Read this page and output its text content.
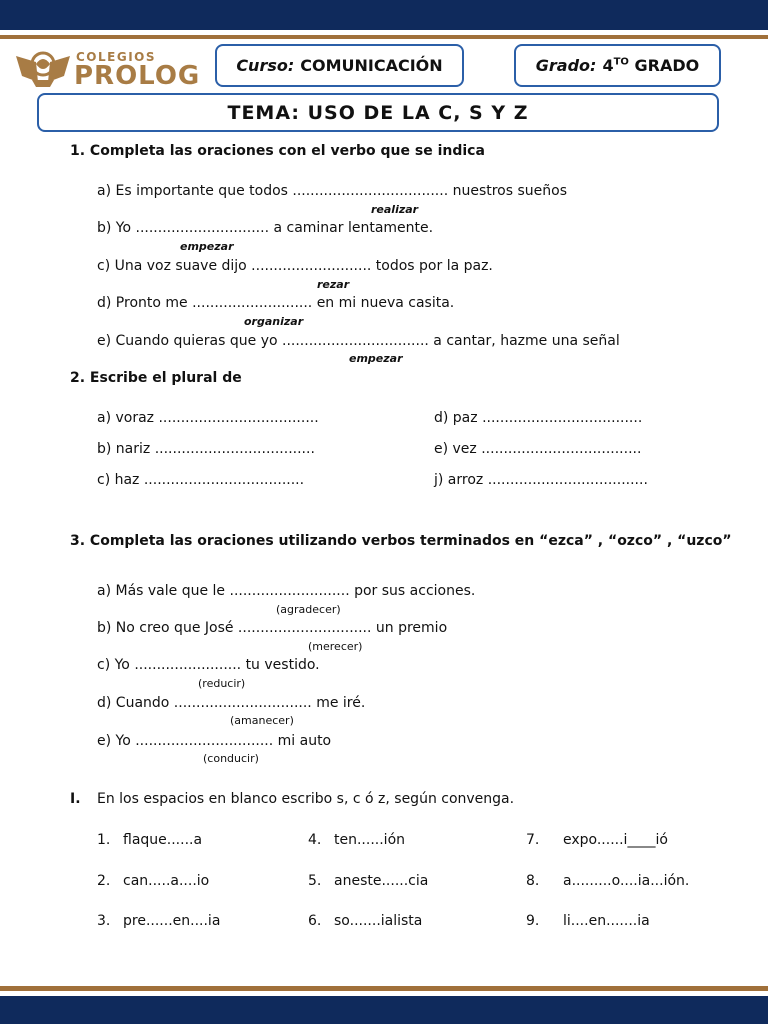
COLEGIOS
PROLOG Curso: COMUNICACIÓN	Grado: $4^{TO}$ GRADO
TEMA: USO DE LA C, S Y Z
1. Completa las oraciones con el verbo que se indica
a) Es importante que todos ................................... nuestros sueños
realizar
b) Yo .............................. a caminar lentamente.
empezar
c) Una voz suave dijo ........................... todos por la paz.
rezar
d) Pronto me ........................... en mi nueva casita.
organizar
e) Cuando quieras que yo ................................. a cantar, hazme una señal
empezar
2. Escribe el plural de
a) voraz ....................................
b) nariz ....................................
c) haz ....................................
d) paz ....................................
e) vez ....................................
j) arroz ....................................
3. Completa las oraciones utilizando verbos terminados en “ezca” , “ozco” , “uzco”
a) Más vale que le ........................... por sus acciones.
(agradecer)
b) No creo que José .............................. un premio
(merecer)
c) Yo ........................ tu vestido.
(reducir)
d) Cuando ............................... me iré.
(amanecer)
e) Yo ............................... mi auto
(conducir)
I. En los espacios en blanco escribo s, c ó z, según convenga.
1. flaque......a
2. can.....a....io
3. pre......en....ia
4. ten......ión
5. aneste......cia
6. so.......ialista
7. expo......i____ió
8. a.........o....ia...ión.
9. li....en.......ia
